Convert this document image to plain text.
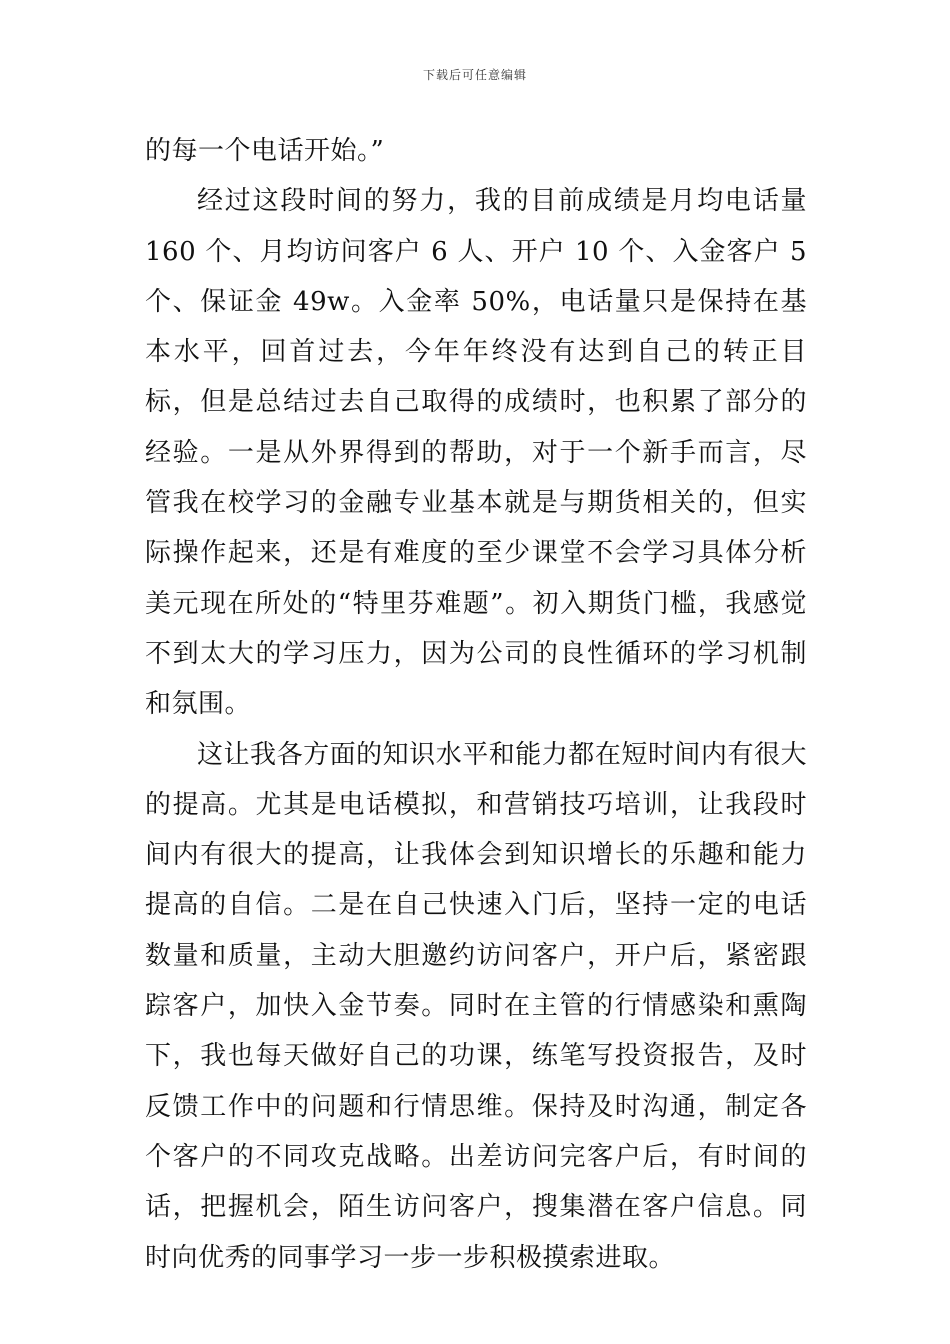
下载后可任意编辑

的每一个电话开始。”

经过这段时间的努力，我的目前成绩是月均电话量 160 个、月均访问客户 6 人、开户 10 个、入金客户 5 个、保证金 49w。入金率 50%，电话量只是保持在基本水平，回首过去，今年年终没有达到自己的转正目标，但是总结过去自己取得的成绩时，也积累了部分的经验。一是从外界得到的帮助，对于一个新手而言，尽管我在校学习的金融专业基本就是与期货相关的，但实际操作起来，还是有难度的至少课堂不会学习具体分析美元现在所处的“特里芬难题”。初入期货门槛，我感觉不到太大的学习压力，因为公司的良性循环的学习机制和氛围。

这让我各方面的知识水平和能力都在短时间内有很大的提高。尤其是电话模拟，和营销技巧培训，让我段时间内有很大的提高，让我体会到知识增长的乐趣和能力提高的自信。二是在自己快速入门后，坚持一定的电话数量和质量，主动大胆邀约访问客户，开户后，紧密跟踪客户，加快入金节奏。同时在主管的行情感染和熏陶下，我也每天做好自己的功课，练笔写投资报告，及时反馈工作中的问题和行情思维。保持及时沟通，制定各个客户的不同攻克战略。出差访问完客户后，有时间的话，把握机会，陌生访问客户，搜集潜在客户信息。同时向优秀的同事学习一步一步积极摸索进取。
